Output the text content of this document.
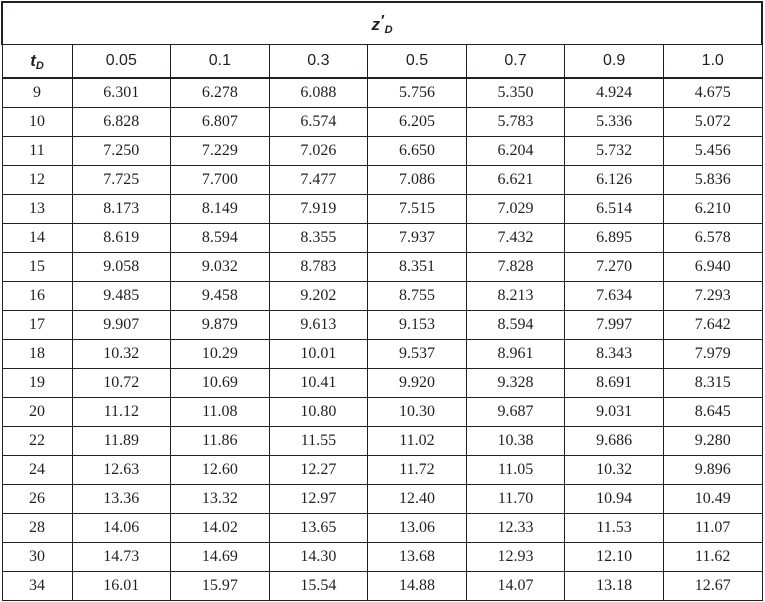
$z'_D$
$t_D$	0.05	0.1	0.3	0.5	0.7	0.9	1.0
9	6.301	6.278	6.088	5.756	5.350	4.924	4.675
10	6.828	6.807	6.574	6.205	5.783	5.336	5.072
11	7.250	7.229	7.026	6.650	6.204	5.732	5.456
12	7.725	7.700	7.477	7.086	6.621	6.126	5.836
13	8.173	8.149	7.919	7.515	7.029	6.514	6.210
14	8.619	8.594	8.355	7.937	7.432	6.895	6.578
15	9.058	9.032	8.783	8.351	7.828	7.270	6.940
16	9.485	9.458	9.202	8.755	8.213	7.634	7.293
17	9.907	9.879	9.613	9.153	8.594	7.997	7.642
18	10.32	10.29	10.01	9.537	8.961	8.343	7.979
19	10.72	10.69	10.41	9.920	9.328	8.691	8.315
20	11.12	11.08	10.80	10.30	9.687	9.031	8.645
22	11.89	11.86	11.55	11.02	10.38	9.686	9.280
24	12.63	12.60	12.27	11.72	11.05	10.32	9.896
26	13.36	13.32	12.97	12.40	11.70	10.94	10.49
28	14.06	14.02	13.65	13.06	12.33	11.53	11.07
30	14.73	14.69	14.30	13.68	12.93	12.10	11.62
34	16.01	15.97	15.54	14.88	14.07	13.18	12.67
